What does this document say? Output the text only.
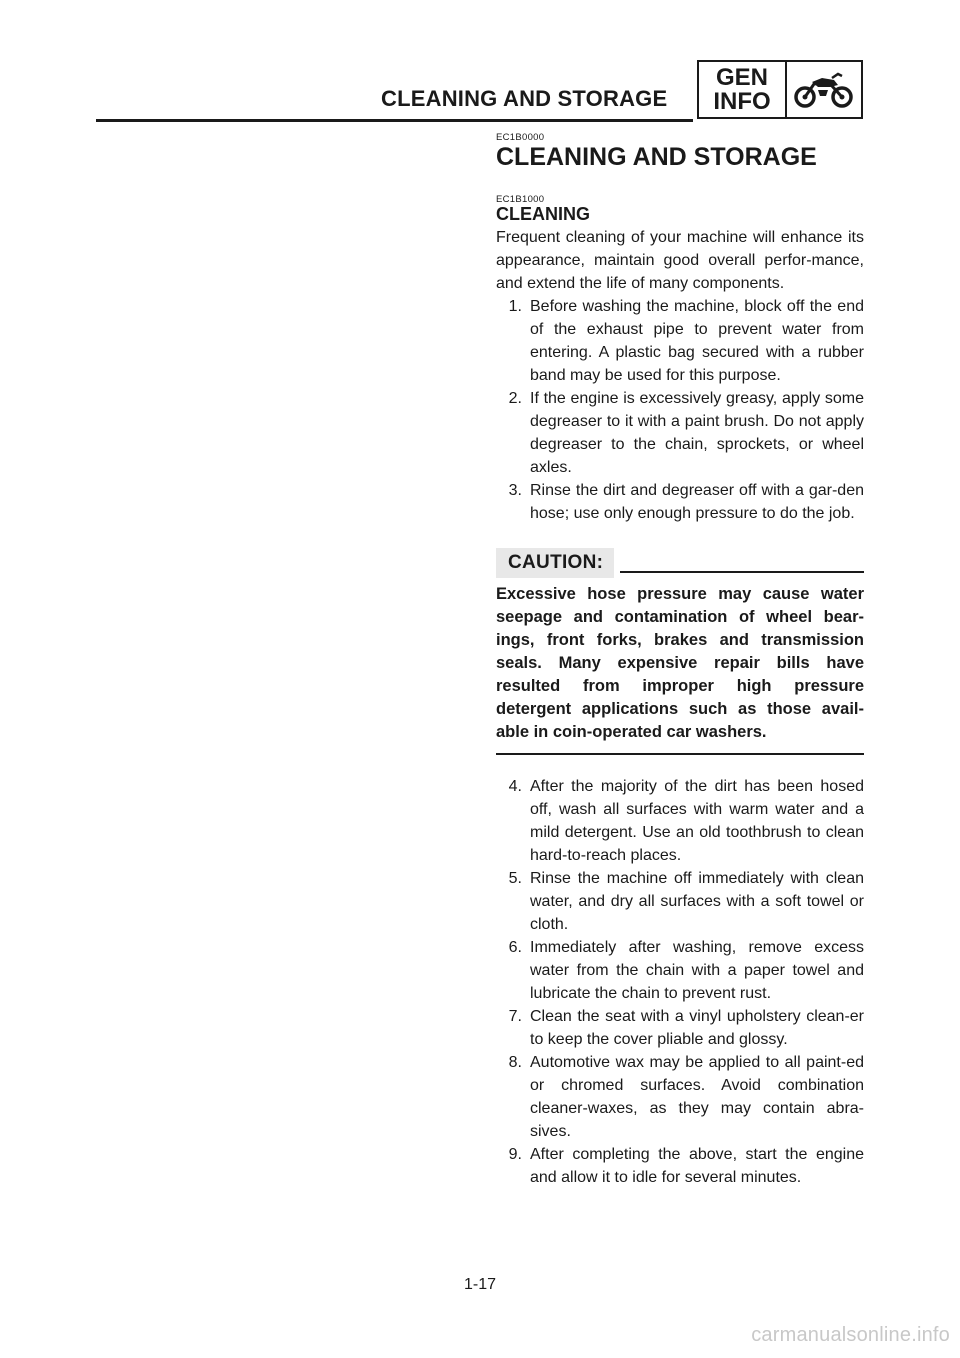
CLEANING AND STORAGE
GEN
INFO
EC1B0000
CLEANING AND STORAGE
EC1B1000
CLEANING
Frequent cleaning of your machine will enhance its appearance, maintain good overall perfor-mance, and extend the life of many components.
1. Before washing the machine, block off the end of the exhaust pipe to prevent water from entering. A plastic bag secured with a rubber band may be used for this purpose.
2. If the engine is excessively greasy, apply some degreaser to it with a paint brush. Do not apply degreaser to the chain, sprockets, or wheel axles.
3. Rinse the dirt and degreaser off with a gar-den hose; use only enough pressure to do the job.
CAUTION:
Excessive hose pressure may cause water seepage and contamination of wheel bear-ings, front forks, brakes and transmission seals. Many expensive repair bills have resulted from improper high pressure detergent applications such as those avail-able in coin-operated car washers.
4. After the majority of the dirt has been hosed off, wash all surfaces with warm water and a mild detergent. Use an old toothbrush to clean hard-to-reach places.
5. Rinse the machine off immediately with clean water, and dry all surfaces with a soft towel or cloth.
6. Immediately after washing, remove excess water from the chain with a paper towel and lubricate the chain to prevent rust.
7. Clean the seat with a vinyl upholstery clean-er to keep the cover pliable and glossy.
8. Automotive wax may be applied to all paint-ed or chromed surfaces. Avoid combination cleaner-waxes, as they may contain abra-sives.
9. After completing the above, start the engine and allow it to idle for several minutes.
1-17
carmanualsonline.info
